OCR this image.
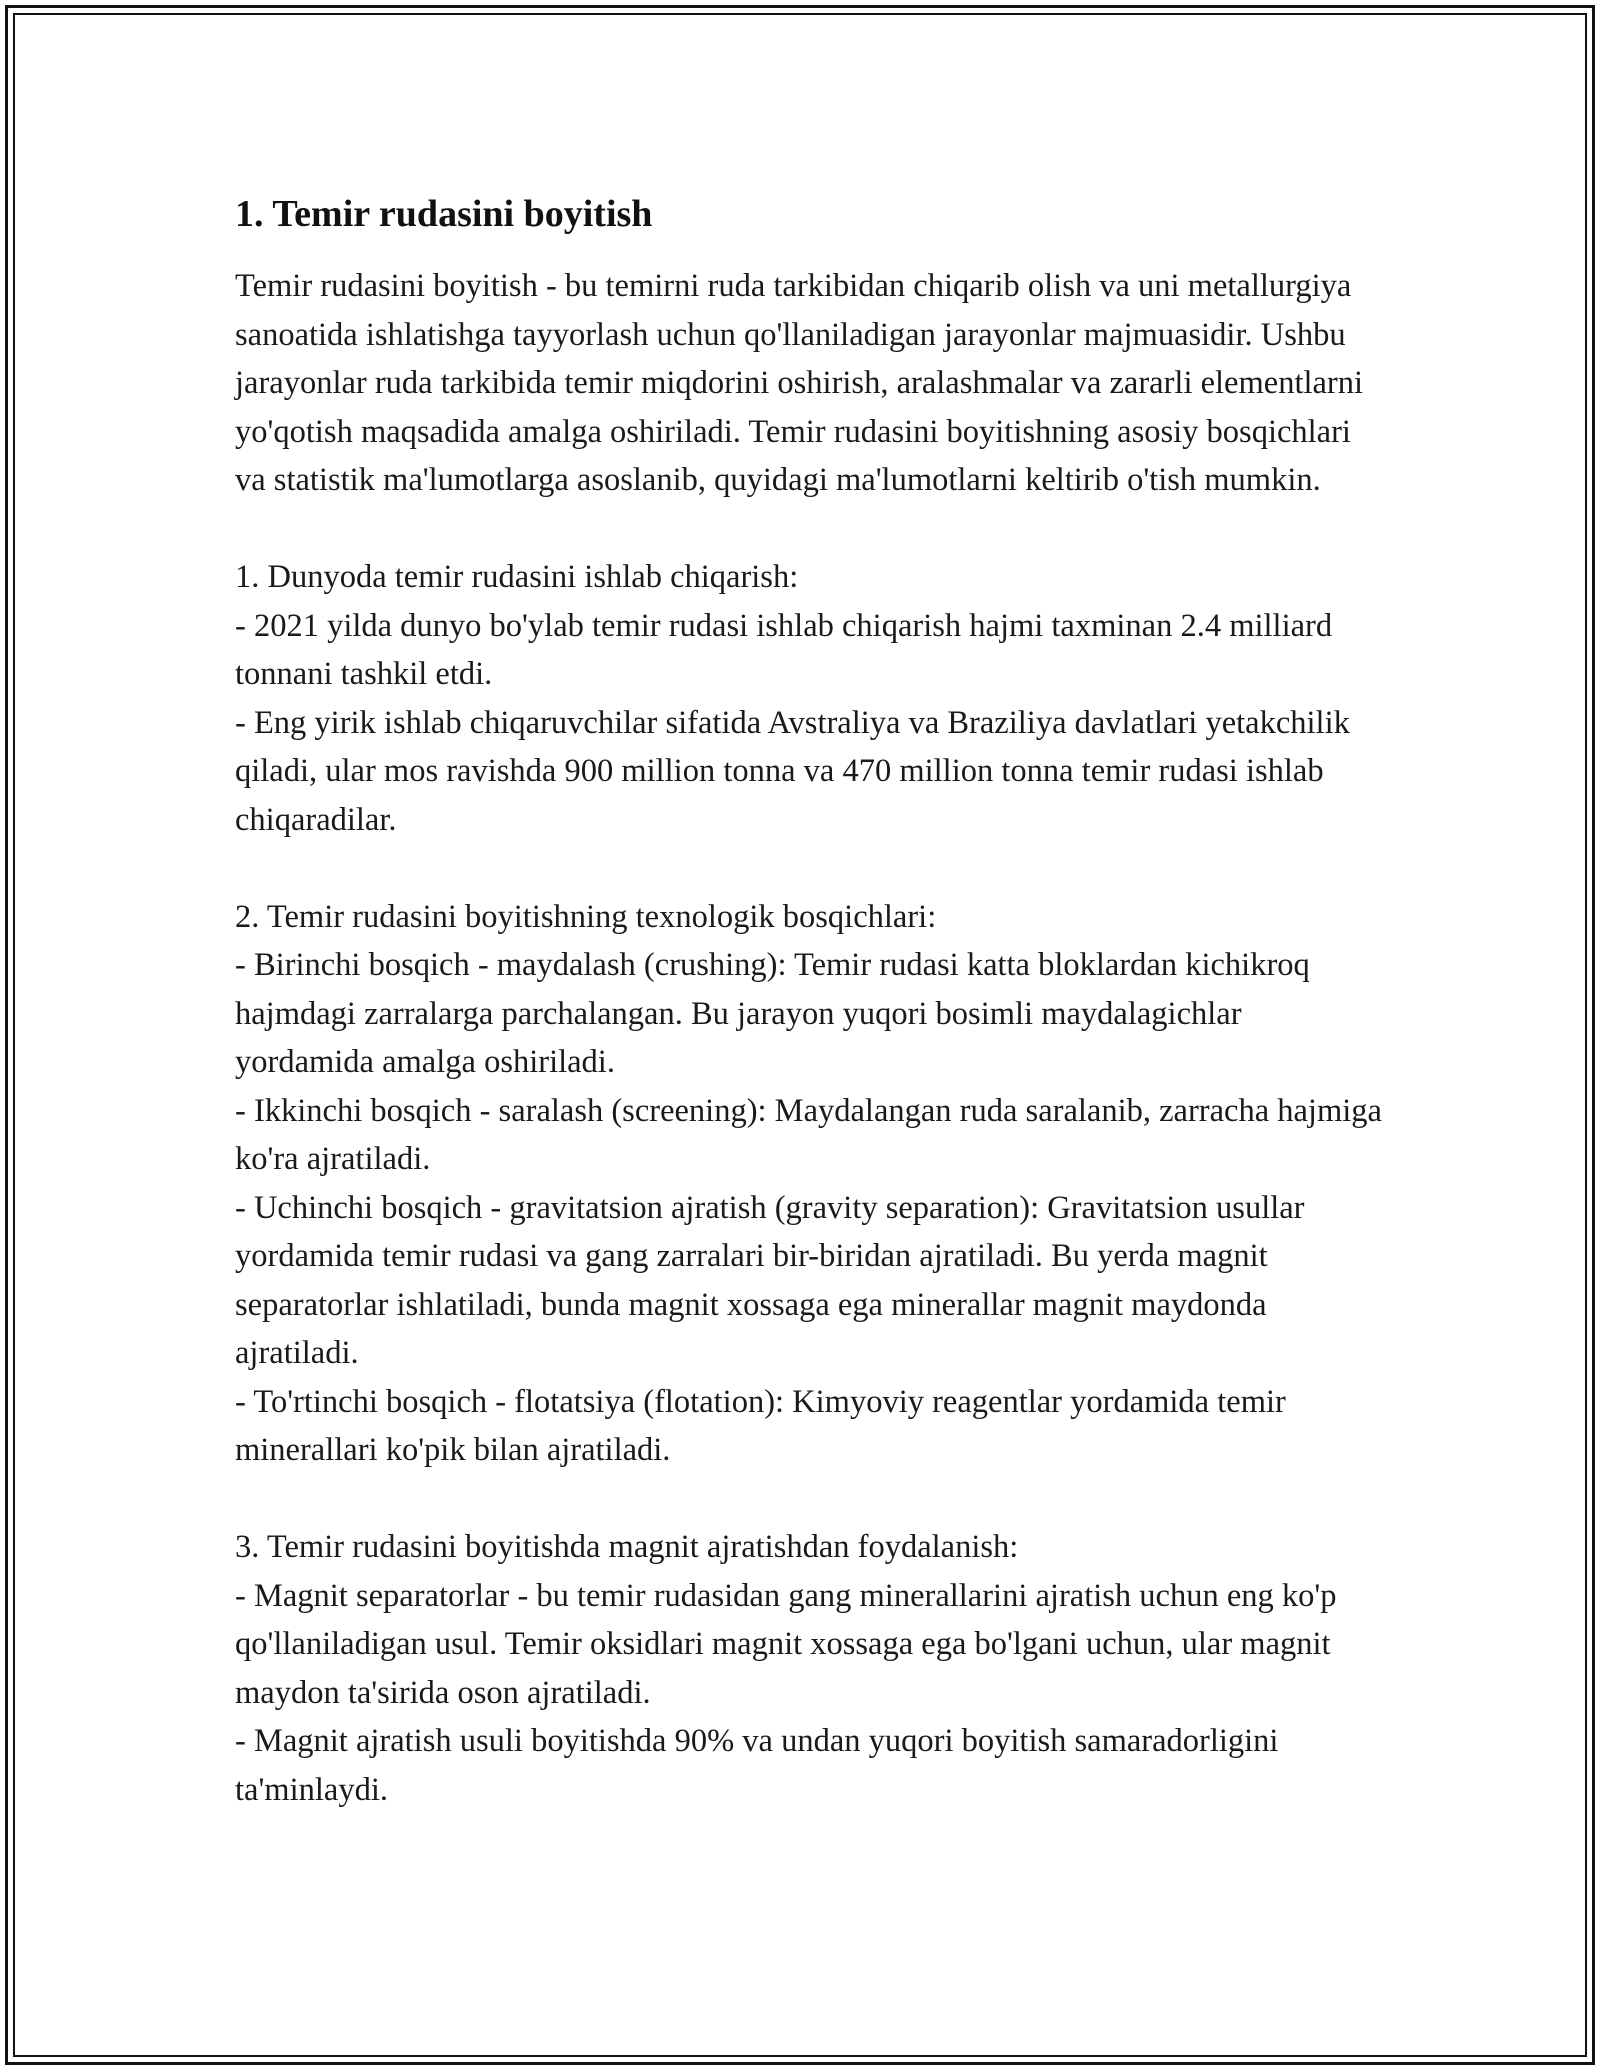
1. Temir rudasini boyitish

Temir rudasini boyitish - bu temirni ruda tarkibidan chiqarib olish va uni metallurgiya sanoatida ishlatishga tayyorlash uchun qo'llaniladigan jarayonlar majmuasidir. Ushbu jarayonlar ruda tarkibida temir miqdorini oshirish, aralashmalar va zararli elementlarni yo'qotish maqsadida amalga oshiriladi. Temir rudasini boyitishning asosiy bosqichlari va statistik ma'lumotlarga asoslanib, quyidagi ma'lumotlarni keltirib o'tish mumkin.

1. Dunyoda temir rudasini ishlab chiqarish:

- 2021 yilda dunyo bo'ylab temir rudasi ishlab chiqarish hajmi taxminan 2.4 milliard tonnani tashkil etdi.

- Eng yirik ishlab chiqaruvchilar sifatida Avstraliya va Braziliya davlatlari yetakchilik qiladi, ular mos ravishda 900 million tonna va 470 million tonna temir rudasi ishlab chiqaradilar.

2. Temir rudasini boyitishning texnologik bosqichlari:

- Birinchi bosqich - maydalash (crushing): Temir rudasi katta bloklardan kichikroq hajmdagi zarralarga parchalangan. Bu jarayon yuqori bosimli maydalagichlar yordamida amalga oshiriladi.

- Ikkinchi bosqich - saralash (screening): Maydalangan ruda saralanib, zarracha hajmiga ko'ra ajratiladi.

- Uchinchi bosqich - gravitatsion ajratish (gravity separation): Gravitatsion usullar yordamida temir rudasi va gang zarralari bir-biridan ajratiladi. Bu yerda magnit separatorlar ishlatiladi, bunda magnit xossaga ega minerallar magnit maydonda ajratiladi.

- To'rtinchi bosqich - flotatsiya (flotation): Kimyoviy reagentlar yordamida temir minerallari ko'pik bilan ajratiladi.

3. Temir rudasini boyitishda magnit ajratishdan foydalanish:

- Magnit separatorlar - bu temir rudasidan gang minerallarini ajratish uchun eng ko'p qo'llaniladigan usul. Temir oksidlari magnit xossaga ega bo'lgani uchun, ular magnit maydon ta'sirida oson ajratiladi.

- Magnit ajratish usuli boyitishda 90% va undan yuqori boyitish samaradorligini ta'minlaydi.
